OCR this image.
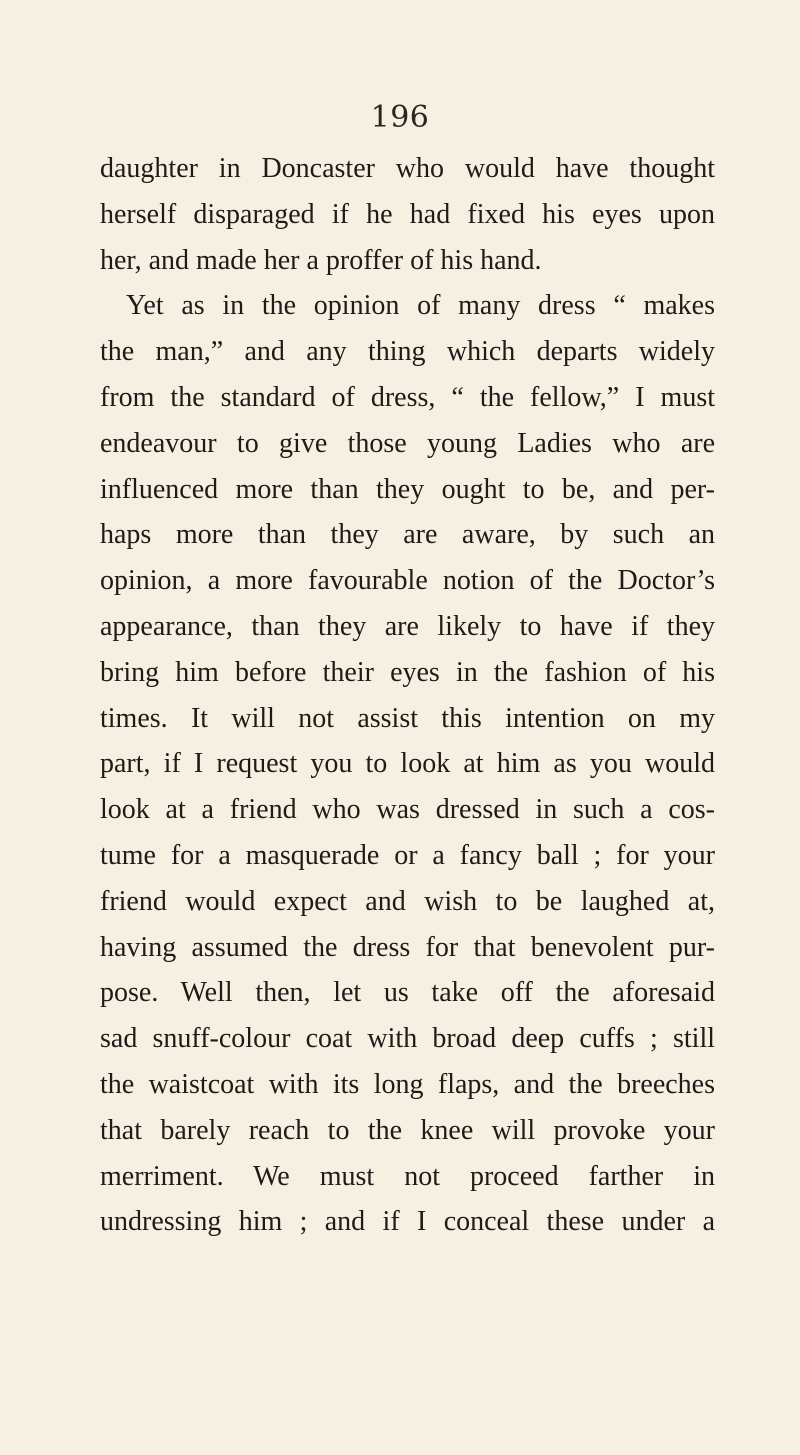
196
daughter in Doncaster who would have thought
herself disparaged if he had fixed his eyes upon
her, and made her a proffer of his hand.
Yet as in the opinion of many dress “ makes
the man,” and any thing which departs widely
from the standard of dress, “ the fellow,” I must
endeavour to give those young Ladies who are
influenced more than they ought to be, and per-
haps more than they are aware, by such an
opinion, a more favourable notion of the Doctor’s
appearance, than they are likely to have if they
bring him before their eyes in the fashion of his
times. It will not assist this intention on my
part, if I request you to look at him as you would
look at a friend who was dressed in such a cos-
tume for a masquerade or a fancy ball ; for your
friend would expect and wish to be laughed at,
having assumed the dress for that benevolent pur-
pose. Well then, let us take off the aforesaid
sad snuff-colour coat with broad deep cuffs ; still
the waistcoat with its long flaps, and the breeches
that barely reach to the knee will provoke your
merriment. We must not proceed farther in
undressing him ; and if I conceal these under a
